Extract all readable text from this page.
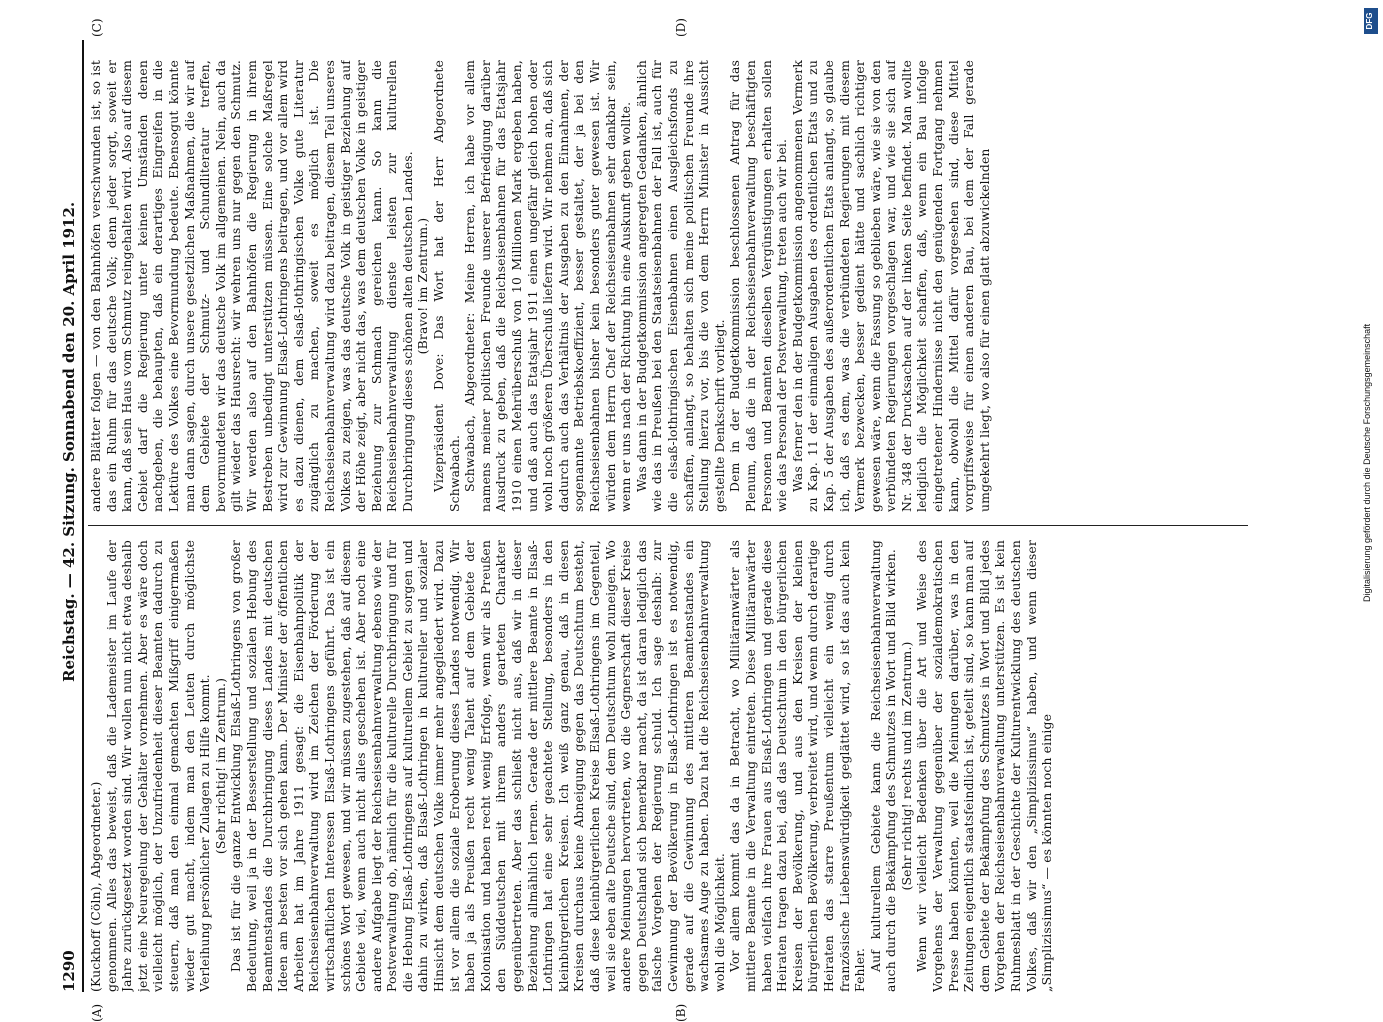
1290
Reichstag. — 42. Sitzung. Sonnabend den 20. April 1912.

(Kuckhoff (Cöln), Abgeordneter.) genommen. Alles das beweist, daß die Lademeister im Laufe der Jahre zurückgesetzt worden sind. Wir wollen nun nicht etwa deshalb jetzt eine Neuregelung der Gehälter vornehmen. Aber es wäre doch vielleicht möglich, der Unzufriedenheit dieser Beamten dadurch zu steuern, daß man den einmal gemachten Mißgriff einigermaßen wieder gut macht, indem man den Leuten durch möglichste Verleihung persönlicher Zulagen zu Hilfe kommt. (Sehr richtig! im Zentrum.) Das ist für die ganze Entwicklung Elsaß-Lothringens von großer Bedeutung, weil ja in der Besserstellung und sozialen Hebung des Beamtenstandes die Durchbringung dieses Landes mit deutschen Ideen am besten vor sich gehen kann. Der Minister der öffentlichen Arbeiten hat im Jahre 1911 gesagt: die Eisenbahnpolitik der Reichseisenbahnverwaltung wird im Zeichen der Förderung der wirtschaftlichen Interessen Elsaß-Lothringens geführt. Das ist ein schönes Wort gewesen, und wir müssen zugestehen, daß auf diesem Gebiete viel, wenn auch nicht alles geschehen ist. Aber noch eine andere Aufgabe liegt der Reichseisenbahnverwaltung ebenso wie der Postverwaltung ob, nämlich für die kulturelle Durchbringung und für die Hebung Elsaß-Lothringens auf kulturellem Gebiet zu sorgen und dahin zu wirken, daß Elsaß-Lothringen in kultureller und sozialer Hinsicht dem deutschen Volke immer mehr angegliedert wird. Dazu ist vor allem die soziale Eroberung dieses Landes notwendig. Wir haben ja als Preußen recht wenig Talent auf dem Gebiete der Kolonisation und haben recht wenig Erfolge, wenn wir als Preußen den Süddeutschen mit ihrem anders gearteten Charakter gegenübertreten. Aber das schließt nicht aus, daß wir in dieser Beziehung allmählich lernen. Gerade der mittlere Beamte in Elsaß-Lothringen hat eine sehr geachtete Stellung, besonders in den kleinbürgerlichen Kreisen. Ich weiß ganz genau, daß in diesen Kreisen durchaus keine Abneigung gegen das Deutschtum besteht, daß diese kleinbürgerlichen Kreise Elsaß-Lothringens im Gegenteil, weil sie eben alte Deutsche sind, dem Deutschtum wohl zuneigen. Wo andere Meinungen hervortreten, wo die Gegnerschaft dieser Kreise gegen Deutschland sich bemerkbar macht, da ist daran lediglich das falsche Vorgehen der Regierung schuld. Ich sage deshalb: zur Gewinnung der Bevölkerung in Elsaß-Lothringen ist es notwendig, gerade auf die Gewinnung des mittleren Beamtenstandes ein wachsames Auge zu haben. Dazu hat die Reichseisenbahnverwaltung wohl die Möglichkeit. Vor allem kommt das da in Betracht, wo Militäranwärter als mittlere Beamte in die Verwaltung eintreten. Diese Militäranwärter haben vielfach ihre Frauen aus Elsaß-Lothringen und gerade diese Heiraten tragen dazu bei, daß das Deutschtum in den bürgerlichen Kreisen der Bevölkerung, und aus den Kreisen der kleinen bürgerlichen Bevölkerung, verbreitet wird, und wenn durch derartige Heiraten das starre Preußentum vielleicht ein wenig durch französische Liebenswürdigkeit geglättet wird, so ist das auch kein Fehler. Auf kulturellem Gebiete kann die Reichseisenbahnverwaltung auch durch die Bekämpfung des Schmutzes in Wort und Bild wirken. (Sehr richtig! rechts und im Zentrum.) Wenn wir vielleicht Bedenken über die Art und Weise des Vorgehens der Verwaltung gegenüber der sozialdemokratischen Presse haben könnten, weil die Meinungen darüber, was in den Zeitungen eigentlich staatsfeindlich ist, geteilt sind, so kann man auf dem Gebiete der Bekämpfung des Schmutzes in Wort und Bild jedes Vorgehen der Reichseisenbahnverwaltung unterstützen. Es ist kein Ruhmesblatt in der Geschichte der Kulturentwicklung des deutschen Volkes, daß wir den „Simplizissimus“ haben, und wenn dieser „Simplizissimus“ — es könnten noch einige

andere Blätter folgen — von den Bahnhöfen verschwunden ist, so ist das ein Ruhm für das deutsche Volk; denn jeder sorgt, soweit er kann, daß sein Haus vom Schmutz reingehalten wird. Also auf diesem Gebiet darf die Regierung unter keinen Umständen denen nachgeben, die behaupten, daß ein derartiges Eingreifen in die Lektüre des Volkes eine Bevormundung bedeute. Ebensogut könnte man dann sagen, durch unsere gesetzlichen Maßnahmen, die wir auf dem Gebiete der Schmutz- und Schundliteratur treffen, bevormundeten wir das deutsche Volk im allgemeinen. Nein, auch da gilt wieder das Hausrecht: wir wehren uns nur gegen den Schmutz. Wir werden also auf den Bahnhöfen die Regierung in ihrem Bestreben unbedingt unterstützen müssen. Eine solche Maßregel wird zur Gewinnung Elsaß-Lothringens beitragen, und vor allem wird es dazu dienen, dem elsaß-lothringischen Volke gute Literatur zugänglich zu machen, soweit es möglich ist. Die Reichseisenbahnverwaltung wird dazu beitragen, diesem Teil unseres Volkes zu zeigen, was das deutsche Volk in geistiger Beziehung auf der Höhe zeigt, aber nicht das, was dem deutschen Volke in geistiger Beziehung zur Schmach gereichen kann. So kann die Reichseisenbahnverwaltung dienste leisten zur kulturellen Durchbringung dieses schönen alten deutschen Landes. (Bravo! im Zentrum.) Vizepräsident Dove: Das Wort hat der Herr Abgeordnete Schwabach. Schwabach, Abgeordneter: Meine Herren, ich habe vor allem namens meiner politischen Freunde unserer Befriedigung darüber Ausdruck zu geben, daß die Reichseisenbahnen für das Etatsjahr 1910 einen Mehrüberschuß von 10 Millionen Mark ergeben haben, und daß auch das Etatsjahr 1911 einen ungefähr gleich hohen oder wohl noch größeren Überschuß liefern wird. Wir nehmen an, daß sich dadurch auch das Verhältnis der Ausgaben zu den Einnahmen, der sogenannte Betriebskoeffizient, besser gestaltet, der ja bei den Reichseisenbahnen bisher kein besonders guter gewesen ist. Wir würden dem Herrn Chef der Reichseisenbahnen sehr dankbar sein, wenn er uns nach der Richtung hin eine Auskunft geben wollte. Was dann in der Budgetkommission angeregten Gedanken, ähnlich wie das in Preußen bei den Staatseisenbahnen der Fall ist, auch für die elsaß-lothringischen Eisenbahnen einen Ausgleichsfonds zu schaffen, anlangt, so behalten sich meine politischen Freunde ihre Stellung hierzu vor, bis die von dem Herrn Minister in Aussicht gestellte Denkschrift vorliegt. Dem in der Budgetkommission beschlossenen Antrag für das Plenum, daß die in der Reichseisenbahnverwaltung beschäftigten Personen und Beamten dieselben Vergünstigungen erhalten sollen wie das Personal der Postverwaltung, treten auch wir bei. Was ferner den in der Budgetkommission angenommenen Vermerk zu Kap. 11 der einmaligen Ausgaben des ordentlichen Etats und zu Kap. 5 der Ausgaben des außerordentlichen Etats anlangt, so glaube ich, daß es dem, was die verbündeten Regierungen mit diesem Vermerk bezwecken, besser gedient hätte und sachlich richtiger gewesen wäre, wenn die Fassung so geblieben wäre, wie sie von den verbündeten Regierungen vorgeschlagen war, und wie sie sich auf Nr. 348 der Drucksachen auf der linken Seite befindet. Man wollte lediglich die Möglichkeit schaffen, daß, wenn ein Bau infolge eingetretener Hindernisse nicht den genügenden Fortgang nehmen kann, obwohl die Mittel dafür vorgesehen sind, diese Mittel vorgriffsweise für einen anderen Bau, bei dem der Fall gerade umgekehrt liegt, wo also für einen glatt abzuwickelnden

(A)	(B)
(C)	(D)
Digitalisierung gefördert durch die Deutsche Forschungsgemeinschaft
DFG
